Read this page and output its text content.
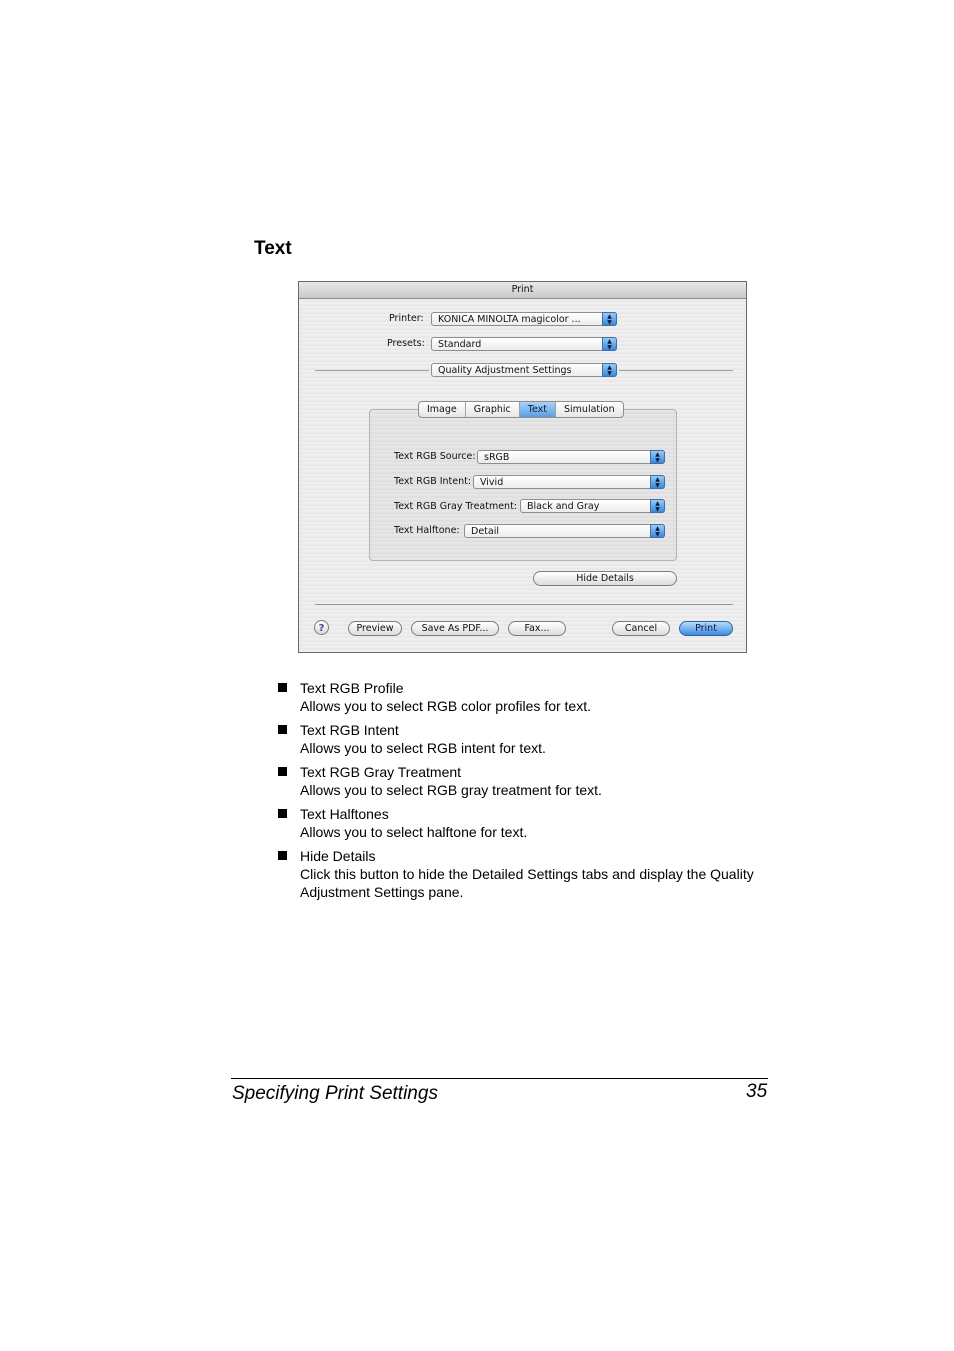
Text
Print
Printer: KONICA MINOLTA magicolor ...	▲
▼
Presets: Standard	▲
▼
Quality Adjustment Settings	▲
▼
Image	Graphic	Text	Simulation
Text RGB Source: sRGB	▲
▼
Text RGB Intent: Vivid	▲
▼
Text RGB Gray Treatment: Black and Gray	▲
▼
Text Halftone: Detail	▲
▼
Hide Details
?	Preview	Save As PDF...	Fax...	Cancel	Print
Text RGB Profile
Allows you to select RGB color profiles for text.
Text RGB Intent
Allows you to select RGB intent for text.
Text RGB Gray Treatment
Allows you to select RGB gray treatment for text.
Text Halftones
Allows you to select halftone for text.
Hide Details
Click this button to hide the Detailed Settings tabs and display the Quality Adjustment Settings pane.
Specifying Print Settings	35
